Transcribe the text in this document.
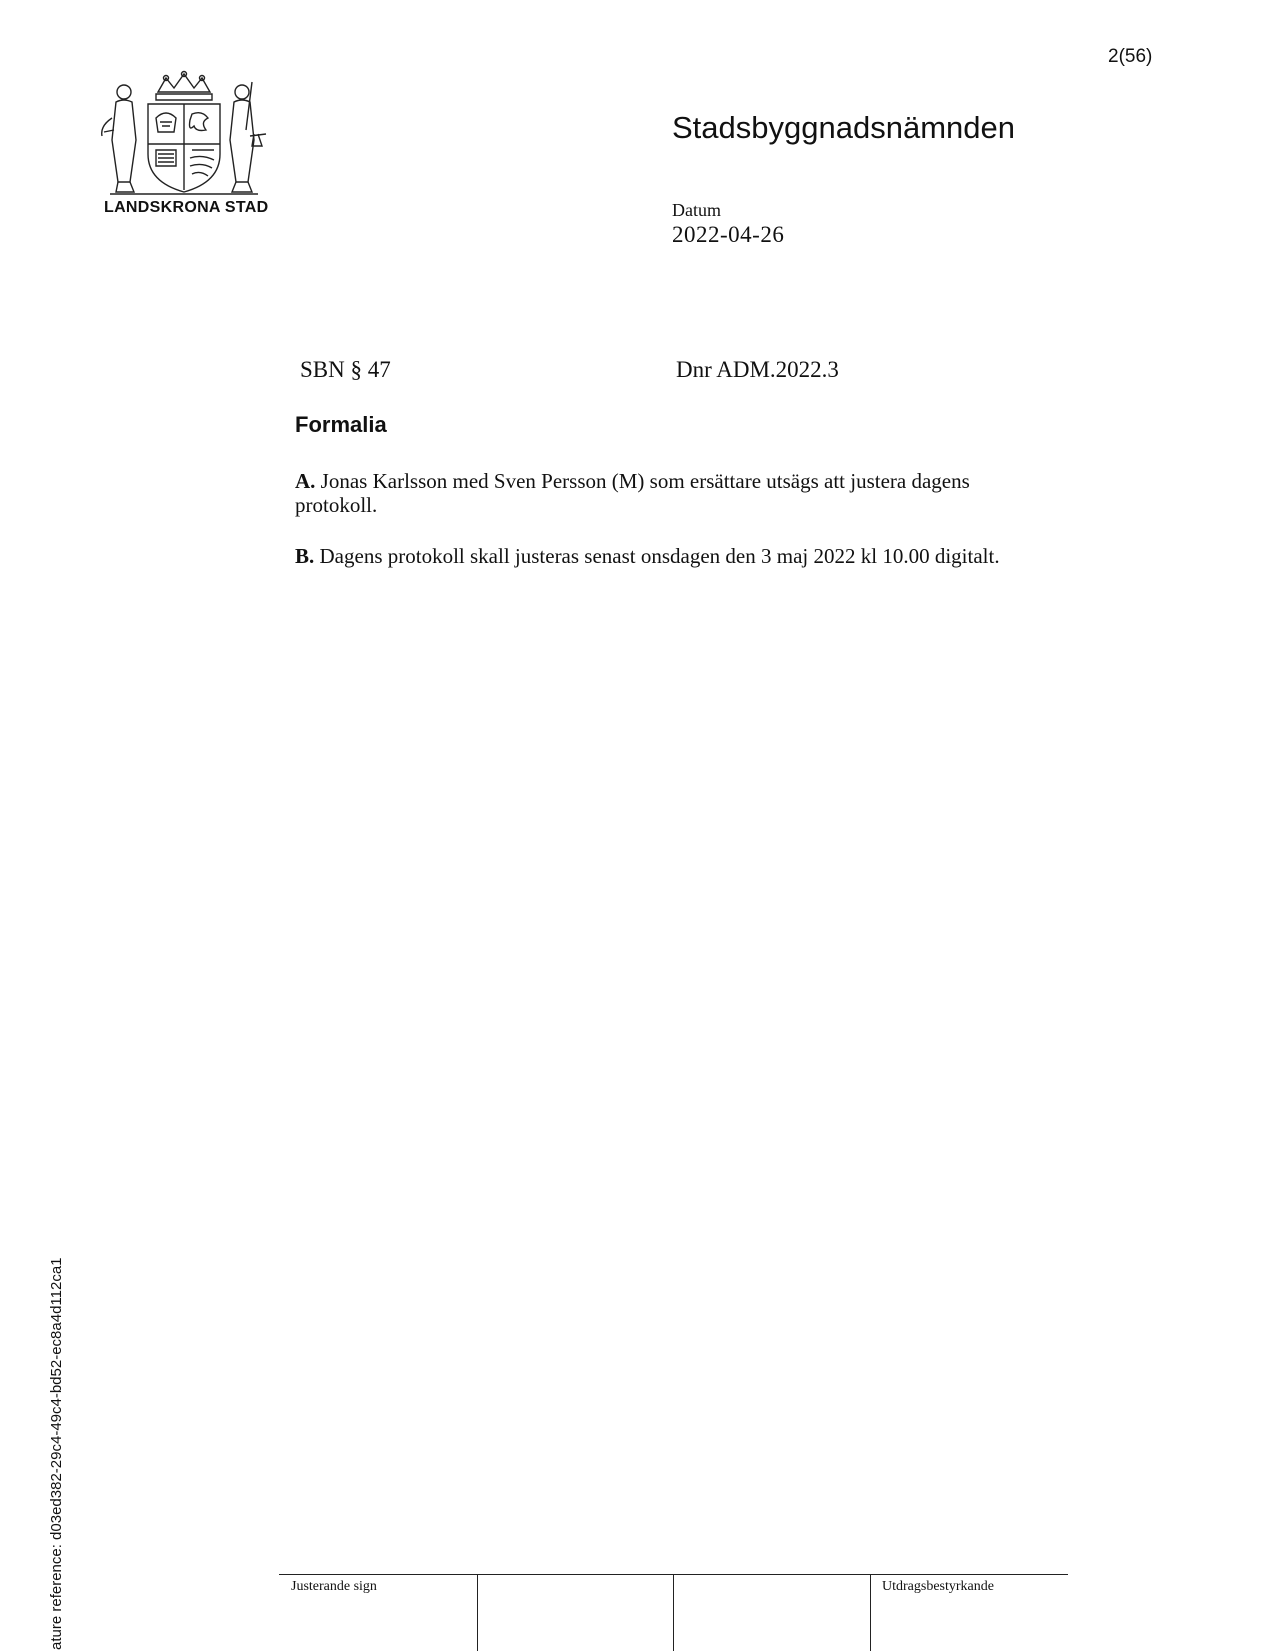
2(56)
LANDSKRONA STAD
Stadsbyggnadsnämnden
Datum
2022-04-26
SBN § 47	Dnr ADM.2022.3
Formalia
A. Jonas Karlsson med Sven Persson (M) som ersättare utsägs att justera dagens protokoll.
B. Dagens protokoll skall justeras senast onsdagen den 3 maj 2022 kl 10.00 digitalt.
ature reference: d03ed382-29c4-49c4-bd52-ec8a4d112ca1	Justerande sign	Utdragsbestyrkande
